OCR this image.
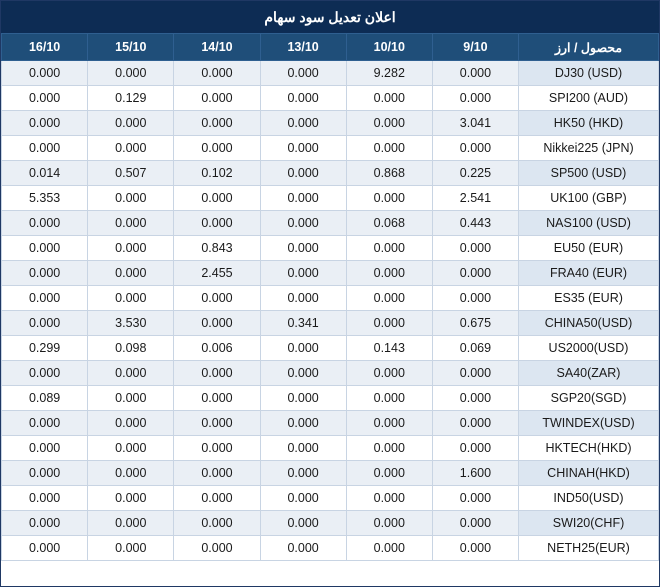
اعلان تعديل سود سهام
محصول / ارز	9/10	10/10	13/10	14/10	15/10	16/10
DJ30 (USD)	0.000	9.282	0.000	0.000	0.000	0.000
SPI200 (AUD)	0.000	0.000	0.000	0.000	0.129	0.000
HK50 (HKD)	3.041	0.000	0.000	0.000	0.000	0.000
Nikkei225 (JPN)	0.000	0.000	0.000	0.000	0.000	0.000
SP500 (USD)	0.225	0.868	0.000	0.102	0.507	0.014
UK100 (GBP)	2.541	0.000	0.000	0.000	0.000	5.353
NAS100 (USD)	0.443	0.068	0.000	0.000	0.000	0.000
EU50 (EUR)	0.000	0.000	0.000	0.843	0.000	0.000
FRA40 (EUR)	0.000	0.000	0.000	2.455	0.000	0.000
ES35 (EUR)	0.000	0.000	0.000	0.000	0.000	0.000
CHINA50(USD)	0.675	0.000	0.341	0.000	3.530	0.000
US2000(USD)	0.069	0.143	0.000	0.006	0.098	0.299
SA40(ZAR)	0.000	0.000	0.000	0.000	0.000	0.000
SGP20(SGD)	0.000	0.000	0.000	0.000	0.000	0.089
TWINDEX(USD)	0.000	0.000	0.000	0.000	0.000	0.000
HKTECH(HKD)	0.000	0.000	0.000	0.000	0.000	0.000
CHINAH(HKD)	1.600	0.000	0.000	0.000	0.000	0.000
IND50(USD)	0.000	0.000	0.000	0.000	0.000	0.000
SWI20(CHF)	0.000	0.000	0.000	0.000	0.000	0.000
NETH25(EUR)	0.000	0.000	0.000	0.000	0.000	0.000
